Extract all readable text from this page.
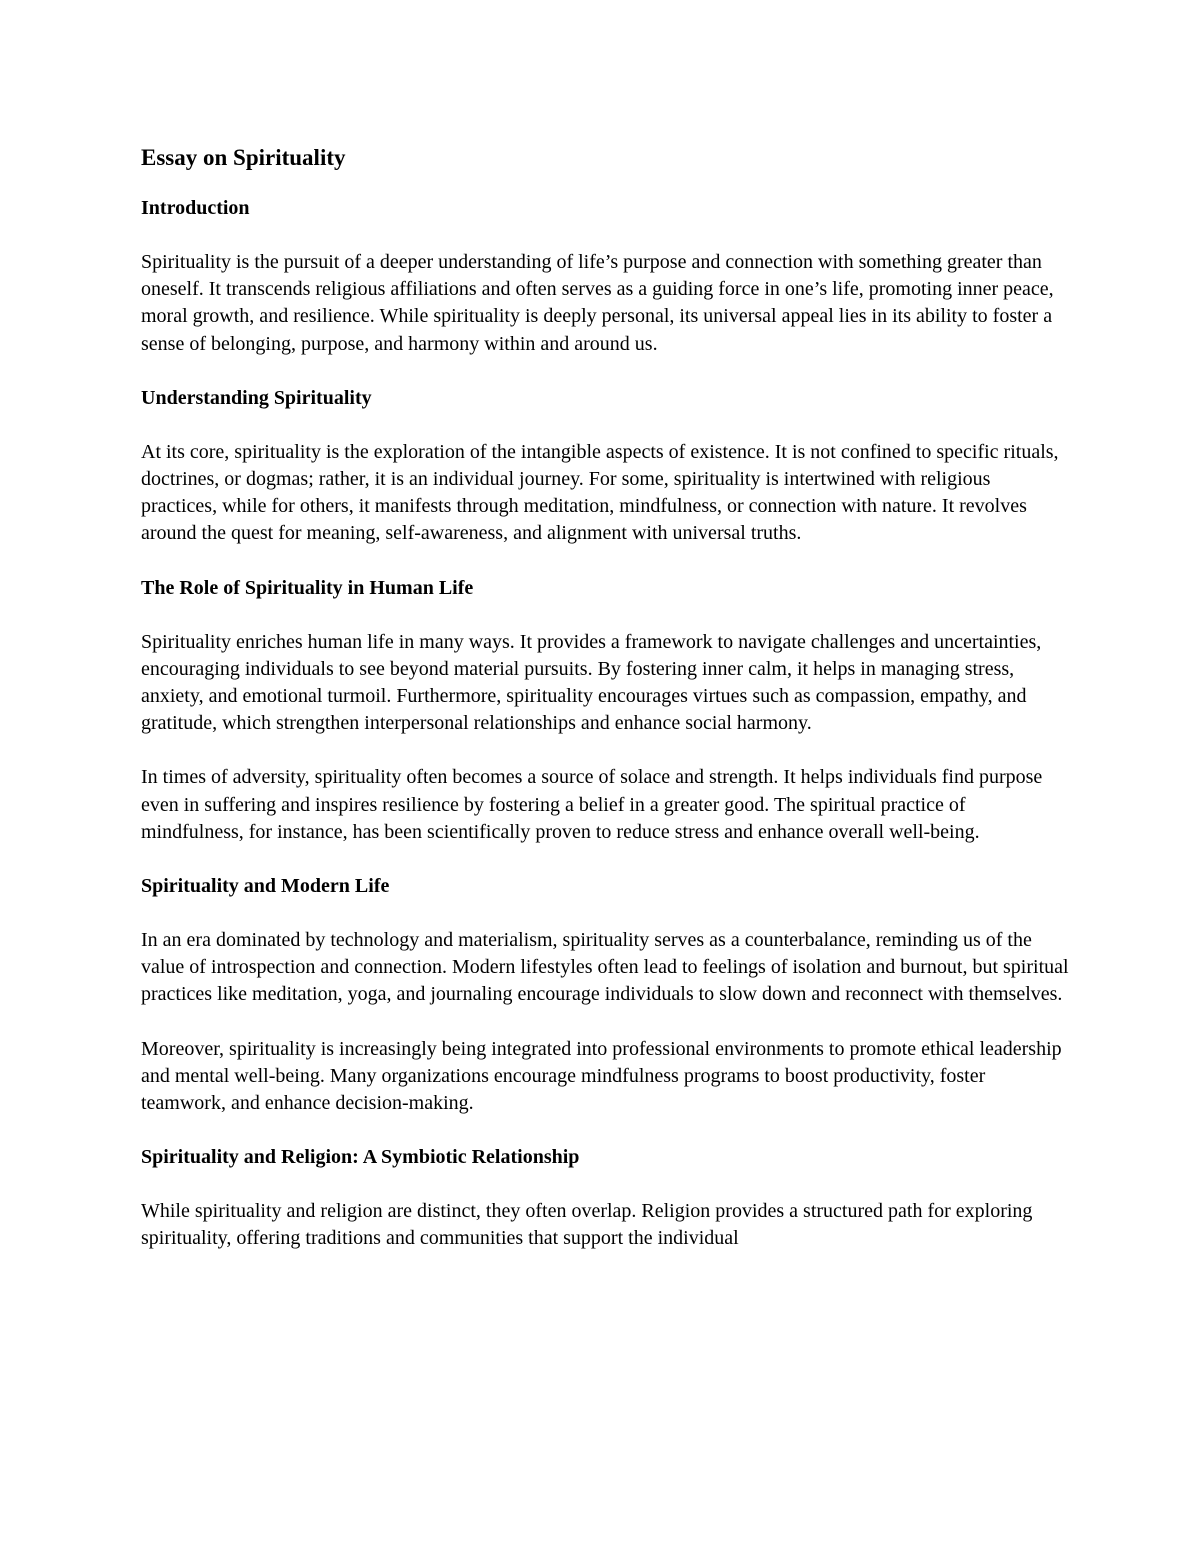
Essay on Spirituality
Introduction
Spirituality is the pursuit of a deeper understanding of life’s purpose and connection with something greater than oneself. It transcends religious affiliations and often serves as a guiding force in one’s life, promoting inner peace, moral growth, and resilience. While spirituality is deeply personal, its universal appeal lies in its ability to foster a sense of belonging, purpose, and harmony within and around us.
Understanding Spirituality
At its core, spirituality is the exploration of the intangible aspects of existence. It is not confined to specific rituals, doctrines, or dogmas; rather, it is an individual journey. For some, spirituality is intertwined with religious practices, while for others, it manifests through meditation, mindfulness, or connection with nature. It revolves around the quest for meaning, self-awareness, and alignment with universal truths.
The Role of Spirituality in Human Life
Spirituality enriches human life in many ways. It provides a framework to navigate challenges and uncertainties, encouraging individuals to see beyond material pursuits. By fostering inner calm, it helps in managing stress, anxiety, and emotional turmoil. Furthermore, spirituality encourages virtues such as compassion, empathy, and gratitude, which strengthen interpersonal relationships and enhance social harmony.
In times of adversity, spirituality often becomes a source of solace and strength. It helps individuals find purpose even in suffering and inspires resilience by fostering a belief in a greater good. The spiritual practice of mindfulness, for instance, has been scientifically proven to reduce stress and enhance overall well-being.
Spirituality and Modern Life
In an era dominated by technology and materialism, spirituality serves as a counterbalance, reminding us of the value of introspection and connection. Modern lifestyles often lead to feelings of isolation and burnout, but spiritual practices like meditation, yoga, and journaling encourage individuals to slow down and reconnect with themselves.
Moreover, spirituality is increasingly being integrated into professional environments to promote ethical leadership and mental well-being. Many organizations encourage mindfulness programs to boost productivity, foster teamwork, and enhance decision-making.
Spirituality and Religion: A Symbiotic Relationship
While spirituality and religion are distinct, they often overlap. Religion provides a structured path for exploring spirituality, offering traditions and communities that support the individual
